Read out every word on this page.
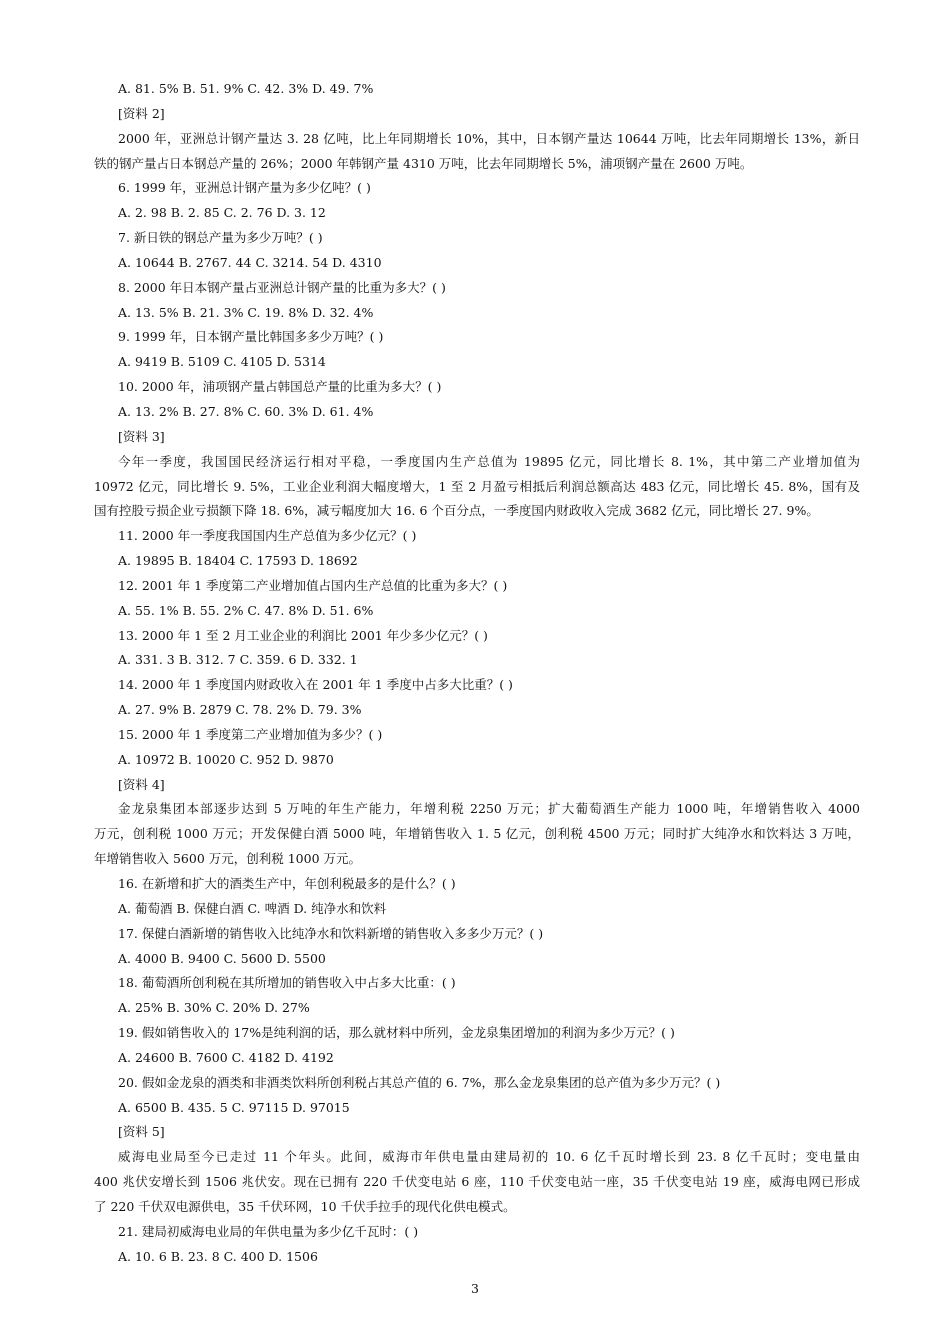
A. 81. 5% B. 51. 9% C. 42. 3% D. 49. 7%
[资料 2]
2000 年，亚洲总计钢产量达 3. 28 亿吨，比上年同期增长 10%，其中，日本钢产量达 10644 万吨，比去年同期增长 13%，新日
铁的钢产量占日本钢总产量的 26%；2000 年韩钢产量 4310 万吨，比去年同期增长 5%，浦项钢产量在 2600 万吨。
6. 1999 年，亚洲总计钢产量为多少亿吨？( )
A. 2. 98 B. 2. 85 C. 2. 76 D. 3. 12
7. 新日铁的钢总产量为多少万吨？( )
A. 10644 B. 2767. 44 C. 3214. 54 D. 4310
8. 2000 年日本钢产量占亚洲总计钢产量的比重为多大？( )
A. 13. 5% B. 21. 3% C. 19. 8% D. 32. 4%
9. 1999 年，日本钢产量比韩国多多少万吨？( )
A. 9419 B. 5109 C. 4105 D. 5314
10. 2000 年，浦项钢产量占韩国总产量的比重为多大？( )
A. 13. 2% B. 27. 8% C. 60. 3% D. 61. 4%
[资料 3]
今年一季度，我国国民经济运行相对平稳，一季度国内生产总值为 19895 亿元，同比增长 8. 1%，其中第二产业增加值为
10972 亿元，同比增长 9. 5%，工业企业利润大幅度增大，1 至 2 月盈亏相抵后利润总额高达 483 亿元，同比增长 45. 8%，国有及
国有控股亏损企业亏损额下降 18. 6%，减亏幅度加大 16. 6 个百分点，一季度国内财政收入完成 3682 亿元，同比增长 27. 9%。
11. 2000 年一季度我国国内生产总值为多少亿元？( )
A. 19895 B. 18404 C. 17593 D. 18692
12. 2001 年 1 季度第二产业增加值占国内生产总值的比重为多大？( )
A. 55. 1% B. 55. 2% C. 47. 8% D. 51. 6%
13. 2000 年 1 至 2 月工业企业的利润比 2001 年少多少亿元？( )
A. 331. 3 B. 312. 7 C. 359. 6 D. 332. 1
14. 2000 年 1 季度国内财政收入在 2001 年 1 季度中占多大比重？( )
A. 27. 9% B. 2879 C. 78. 2% D. 79. 3%
15. 2000 年 1 季度第二产业增加值为多少？( )
A. 10972 B. 10020 C. 952 D. 9870
[资料 4]
金龙泉集团本部逐步达到 5 万吨的年生产能力，年增利税 2250 万元；扩大葡萄酒生产能力 1000 吨，年增销售收入 4000
万元，创利税 1000 万元；开发保健白酒 5000 吨，年增销售收入 1. 5 亿元，创利税 4500 万元；同时扩大纯净水和饮料达 3 万吨，
年增销售收入 5600 万元，创利税 1000 万元。
16. 在新增和扩大的酒类生产中，年创利税最多的是什么？( )
A. 葡萄酒 B. 保健白酒 C. 啤酒 D. 纯净水和饮料
17. 保健白酒新增的销售收入比纯净水和饮料新增的销售收入多多少万元？( )
A. 4000 B. 9400 C. 5600 D. 5500
18. 葡萄酒所创利税在其所增加的销售收入中占多大比重：( )
A. 25% B. 30% C. 20% D. 27%
19. 假如销售收入的 17%是纯利润的话，那么就材料中所列，金龙泉集团增加的利润为多少万元？( )
A. 24600 B. 7600 C. 4182 D. 4192
20. 假如金龙泉的酒类和非酒类饮料所创利税占其总产值的 6. 7%，那么金龙泉集团的总产值为多少万元？( )
A. 6500 B. 435. 5 C. 97115 D. 97015
[资料 5]
威海电业局至今已走过 11 个年头。此间，威海市年供电量由建局初的 10. 6 亿千瓦时增长到 23. 8 亿千瓦时；变电量由
400 兆伏安增长到 1506 兆伏安。现在已拥有 220 千伏变电站 6 座，110 千伏变电站一座，35 千伏变电站 19 座，威海电网已形成
了 220 千伏双电源供电，35 千伏环网，10 千伏手拉手的现代化供电模式。
21. 建局初威海电业局的年供电量为多少亿千瓦时：( )
A. 10. 6 B. 23. 8 C. 400 D. 1506
3
